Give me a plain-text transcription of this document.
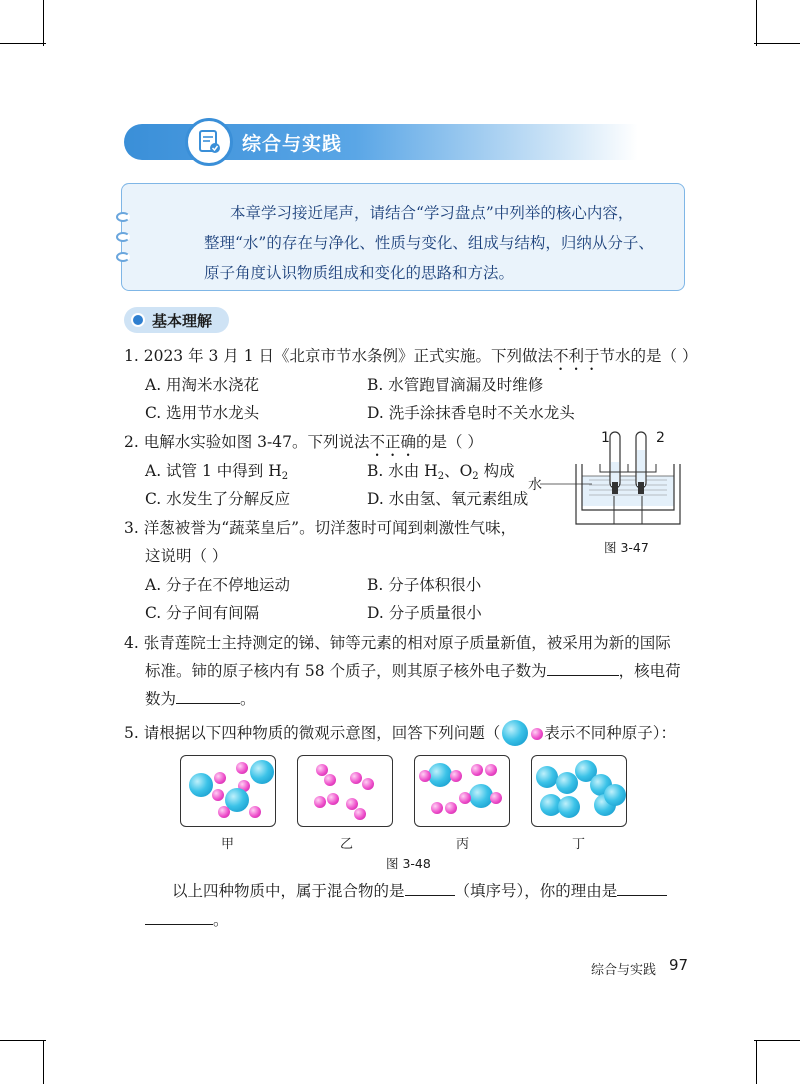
综合与实践

本章学习接近尾声，请结合“学习盘点”中列举的核心内容，

整理“水”的存在与净化、性质与变化、组成与结构，归纳从分子、

原子角度认识物质组成和变化的思路和方法。

基本理解
1. 2023 年 3 月 1 日《北京市节水条例》正式实施。下列做法不利于节水的是（ ）
A. 用淘米水浇花	B. 水管跑冒滴漏及时维修
C. 选用节水龙头	D. 洗手涂抹香皂时不关水龙头
2. 电解水实验如图 3-47。下列说法不正确的是（ ）
A. 试管 1 中得到 $H_2$	B. 水由 $H_2$、$O_2$ 构成
C. 水发生了分解反应	D. 水由氢、氧元素组成
1	2
水
图 3-47
3. 洋葱被誉为“蔬菜皇后”。切洋葱时可闻到刺激性气味，
这说明（ ）
A. 分子在不停地运动	B. 分子体积很小
C. 分子间有间隔	D. 分子质量很小
4. 张青莲院士主持测定的锑、铈等元素的相对原子质量新值，被采用为新的国际
标准。铈的原子核内有 58 个质子，则其原子核外电子数为	，核电荷
数为	。
5. 请根据以下四种物质的微观示意图，回答下列问题（	表示不同种原子）：
甲	乙	丙	丁
图 3-48
以上四种物质中，属于混合物的是	（填序号），你的理由是
。
综合与实践 97
